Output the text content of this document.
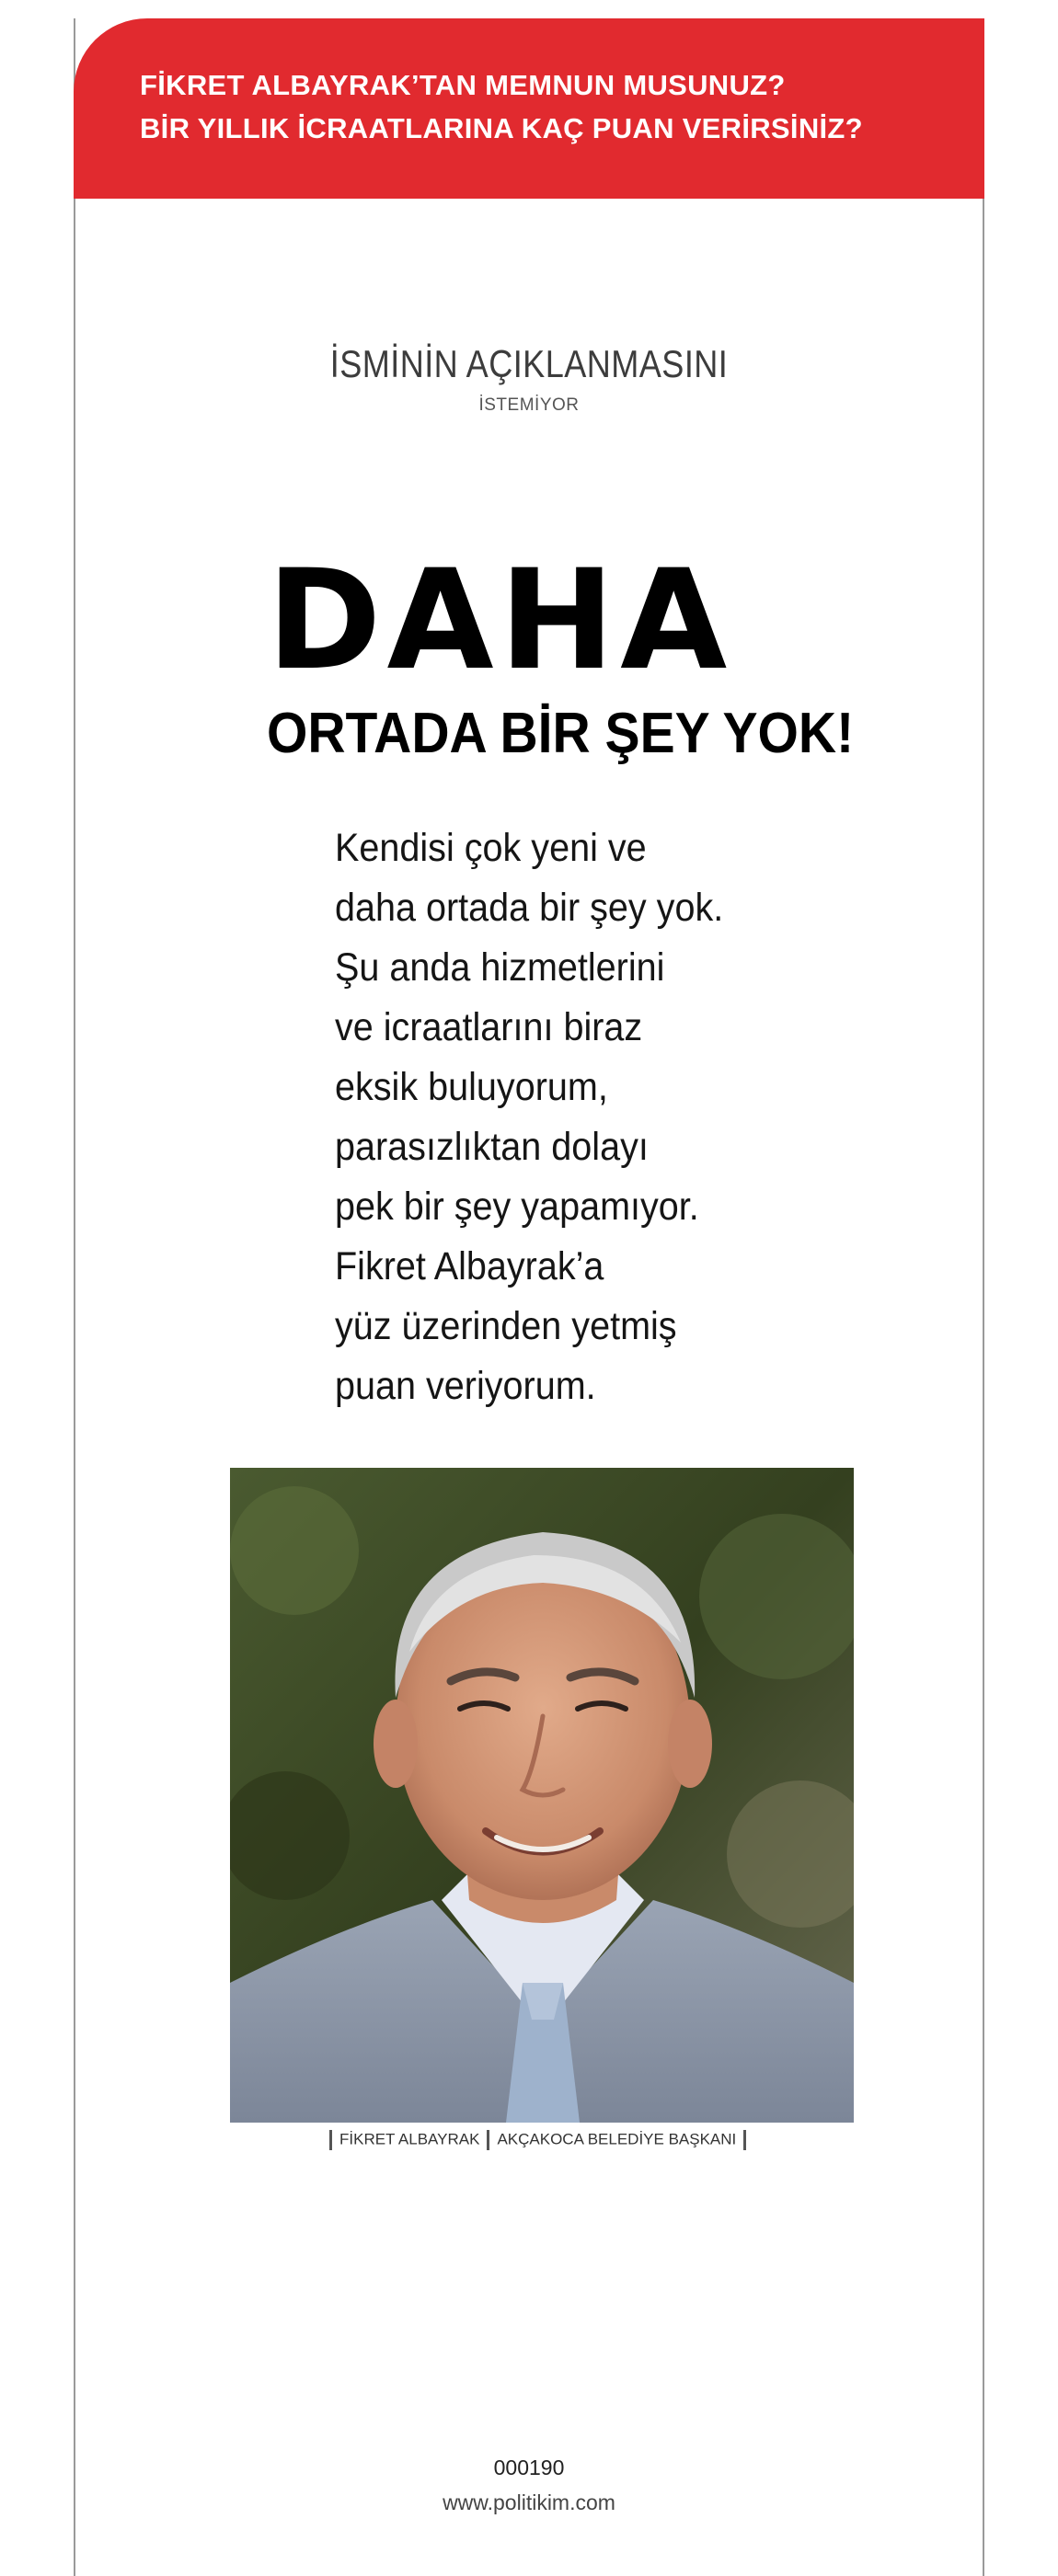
FİKRET ALBAYRAK’TAN MEMNUN MUSUNUZ?
BİR YILLIK İCRAATLARINA KAÇ PUAN VERİRSİNİZ?
İSMİNİN AÇIKLANMASINI
İSTEMİYOR
DAHA
ORTADA BİR ŞEY YOK!
Kendisi çok yeni ve
daha ortada bir şey yok.
Şu anda hizmetlerini
ve icraatlarını biraz
eksik buluyorum,
parasızlıktan dolayı
pek bir şey yapamıyor.
Fikret Albayrak’a
yüz üzerinden yetmiş
puan veriyorum.
FİKRET ALBAYRAK AKÇAKOCA BELEDİYE BAŞKANI
000190
www.politikim.com
